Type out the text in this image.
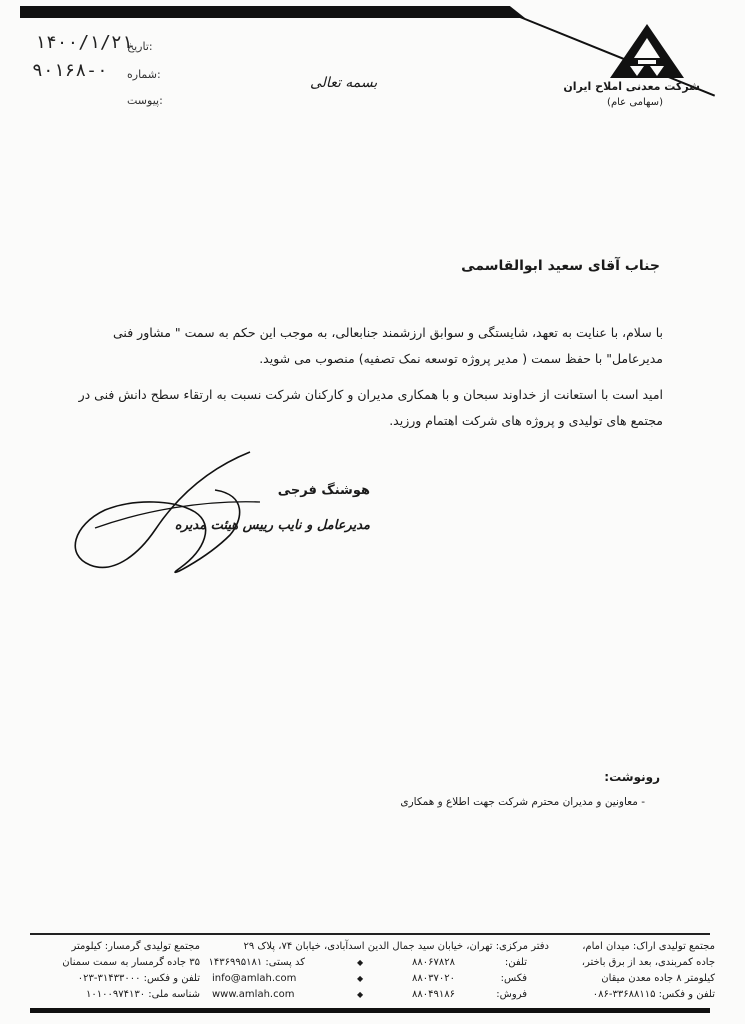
شرکت معدنی املاح ایران
(سهامی عام)
بسمه تعالی
تاریخ:
۱۴۰۰/۱/۲۱
شماره:
۹۰۱۶۸-۰
پیوست:
جناب آقای سعید ابوالقاسمی
با سلام، با عنایت به تعهد، شایستگی و سوابق ارزشمند جنابعالی، به موجب این حکم به سمت " مشاور فنی مدیرعامل" با حفظ سمت ( مدیر پروژه توسعه نمک تصفیه) منصوب می شوید.
امید است با استعانت از خداوند سبحان و با همکاری مدیران و کارکنان شرکت نسبت به ارتقاء سطح دانش فنی در مجتمع های تولیدی و پروژه های شرکت اهتمام ورزید.
هوشنگ فرجی
مدیرعامل و نایب رییس هیئت مدیره
رونوشت:
- معاونین و مدیران محترم شرکت جهت اطلاع و همکاری
مجتمع تولیدی اراک: میدان امام،
جاده کمربندی، بعد از برق باختر،
کیلومتر ۸ جاده معدن میقان
تلفن و فکس: ۳۳۶۸۸۱۱۵-۰۸۶
دفتر مرکزی: تهران، خیابان سید جمال الدین اسدآبادی، خیابان ۷۴، پلاک ۲۹
تلفن:
۸۸۰۶۷۸۲۸
فکس:
۸۸۰۳۷۰۲۰
فروش:
۸۸۰۴۹۱۸۶
◆
◆
◆
کد پستی: ۱۴۳۶۹۹۵۱۸۱
info@amlah.com
www.amlah.com
مجتمع تولیدی گرمسار: کیلومتر
۳۵ جاده گرمسار به سمت سمنان
تلفن و فکس: ۳۱۴۳۳۰۰۰-۰۲۳
شناسه ملی: ۱۰۱۰۰۹۷۴۱۳۰
